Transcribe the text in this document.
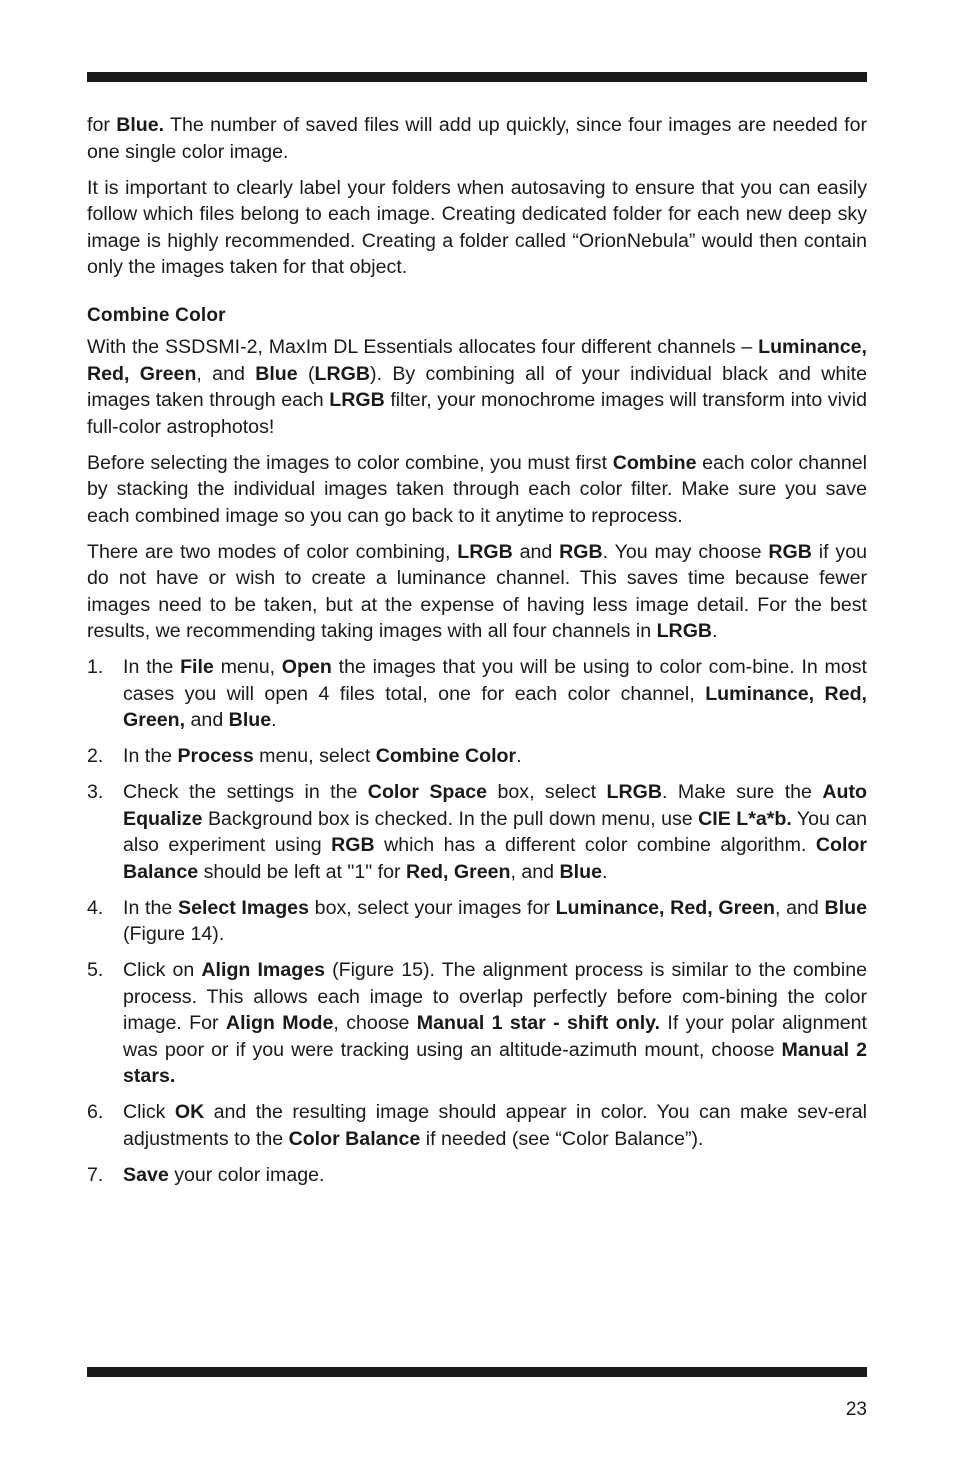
for Blue. The number of saved files will add up quickly, since four images are needed for one single color image.

It is important to clearly label your folders when autosaving to ensure that you can easily follow which files belong to each image. Creating dedicated folder for each new deep sky image is highly recommended. Creating a folder called “OrionNebula” would then contain only the images taken for that object.

Combine Color

With the SSDSMI-2, MaxIm DL Essentials allocates four different channels – Luminance, Red, Green, and Blue (LRGB). By combining all of your individual black and white images taken through each LRGB filter, your monochrome images will transform into vivid full-color astrophotos!

Before selecting the images to color combine, you must first Combine each color channel by stacking the individual images taken through each color filter. Make sure you save each combined image so you can go back to it anytime to reprocess.

There are two modes of color combining, LRGB and RGB. You may choose RGB if you do not have or wish to create a luminance channel. This saves time because fewer images need to be taken, but at the expense of having less image detail. For the best results, we recommending taking images with all four channels in LRGB.

1. In the File menu, Open the images that you will be using to color com-bine. In most cases you will open 4 files total, one for each color channel, Luminance, Red, Green, and Blue.
2. In the Process menu, select Combine Color.
3. Check the settings in the Color Space box, select LRGB. Make sure the Auto Equalize Background box is checked. In the pull down menu, use CIE L*a*b. You can also experiment using RGB which has a different color combine algorithm. Color Balance should be left at "1" for Red, Green, and Blue.
4. In the Select Images box, select your images for Luminance, Red, Green, and Blue (Figure 14).
5. Click on Align Images (Figure 15). The alignment process is similar to the combine process. This allows each image to overlap perfectly before com-bining the color image. For Align Mode, choose Manual 1 star - shift only. If your polar alignment was poor or if you were tracking using an altitude-azimuth mount, choose Manual 2 stars.
6. Click OK and the resulting image should appear in color. You can make sev-eral adjustments to the Color Balance if needed (see “Color Balance”).
7. Save your color image.
23
